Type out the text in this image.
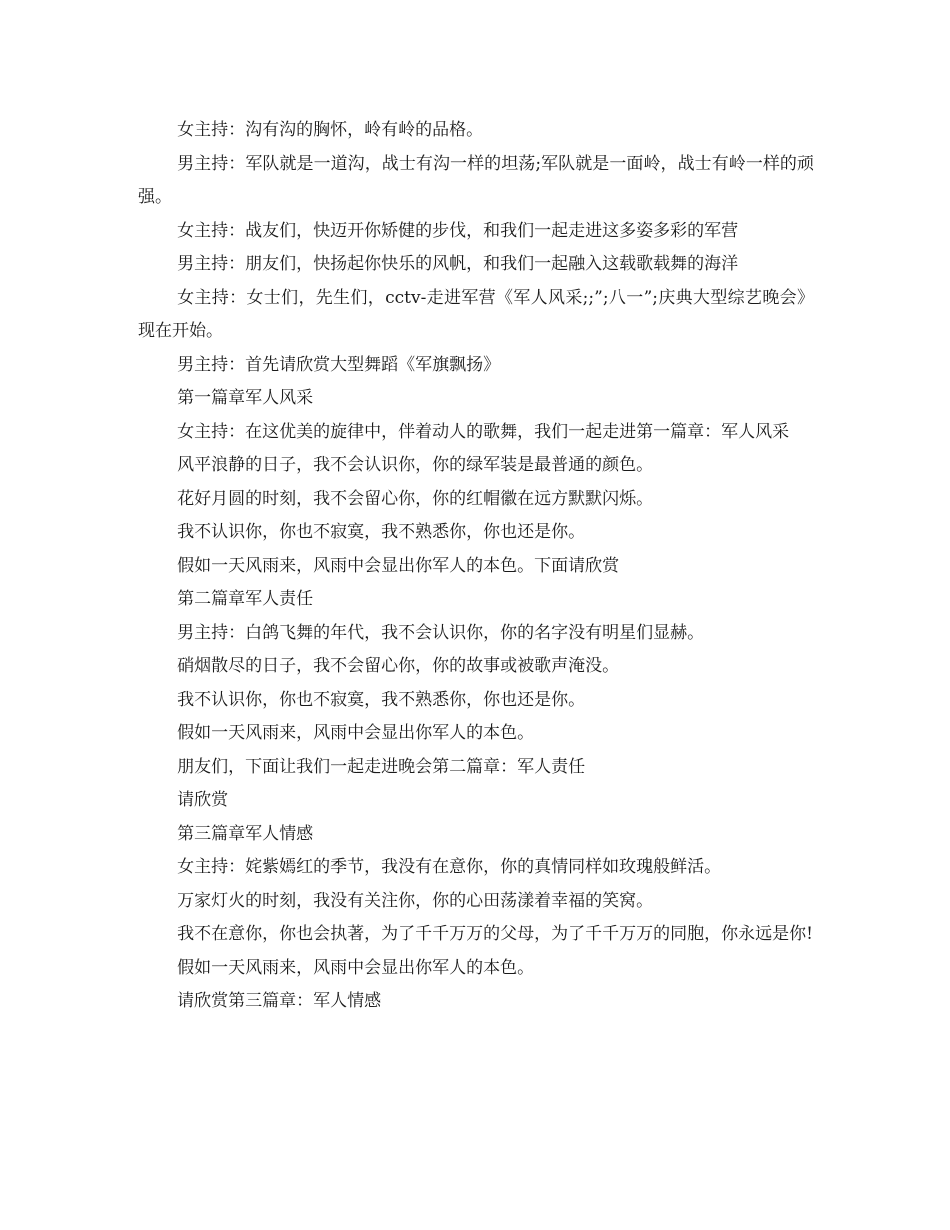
女主持：沟有沟的胸怀，岭有岭的品格。

男主持：军队就是一道沟，战士有沟一样的坦荡;军队就是一面岭，战士有岭一样的顽强。

女主持：战友们，快迈开你矫健的步伐，和我们一起走进这多姿多彩的军营

男主持：朋友们，快扬起你快乐的风帆，和我们一起融入这载歌载舞的海洋

女主持：女士们，先生们，cctv-走进军营《军人风采;;”;八一”;庆典大型综艺晚会》现在开始。

男主持：首先请欣赏大型舞蹈《军旗飘扬》

第一篇章军人风采

女主持：在这优美的旋律中，伴着动人的歌舞，我们一起走进第一篇章：军人风采

风平浪静的日子，我不会认识你，你的绿军装是最普通的颜色。

花好月圆的时刻，我不会留心你，你的红帽徽在远方默默闪烁。

我不认识你，你也不寂寞，我不熟悉你，你也还是你。

假如一天风雨来，风雨中会显出你军人的本色。下面请欣赏

第二篇章军人责任

男主持：白鸽飞舞的年代，我不会认识你，你的名字没有明星们显赫。

硝烟散尽的日子，我不会留心你，你的故事或被歌声淹没。

我不认识你，你也不寂寞，我不熟悉你，你也还是你。

假如一天风雨来，风雨中会显出你军人的本色。

朋友们，下面让我们一起走进晚会第二篇章：军人责任

请欣赏

第三篇章军人情感

女主持：姹紫嫣红的季节，我没有在意你，你的真情同样如玫瑰般鲜活。

万家灯火的时刻，我没有关注你，你的心田荡漾着幸福的笑窝。

我不在意你，你也会执著，为了千千万万的父母，为了千千万万的同胞，你永远是你!

假如一天风雨来，风雨中会显出你军人的本色。

请欣赏第三篇章：军人情感
